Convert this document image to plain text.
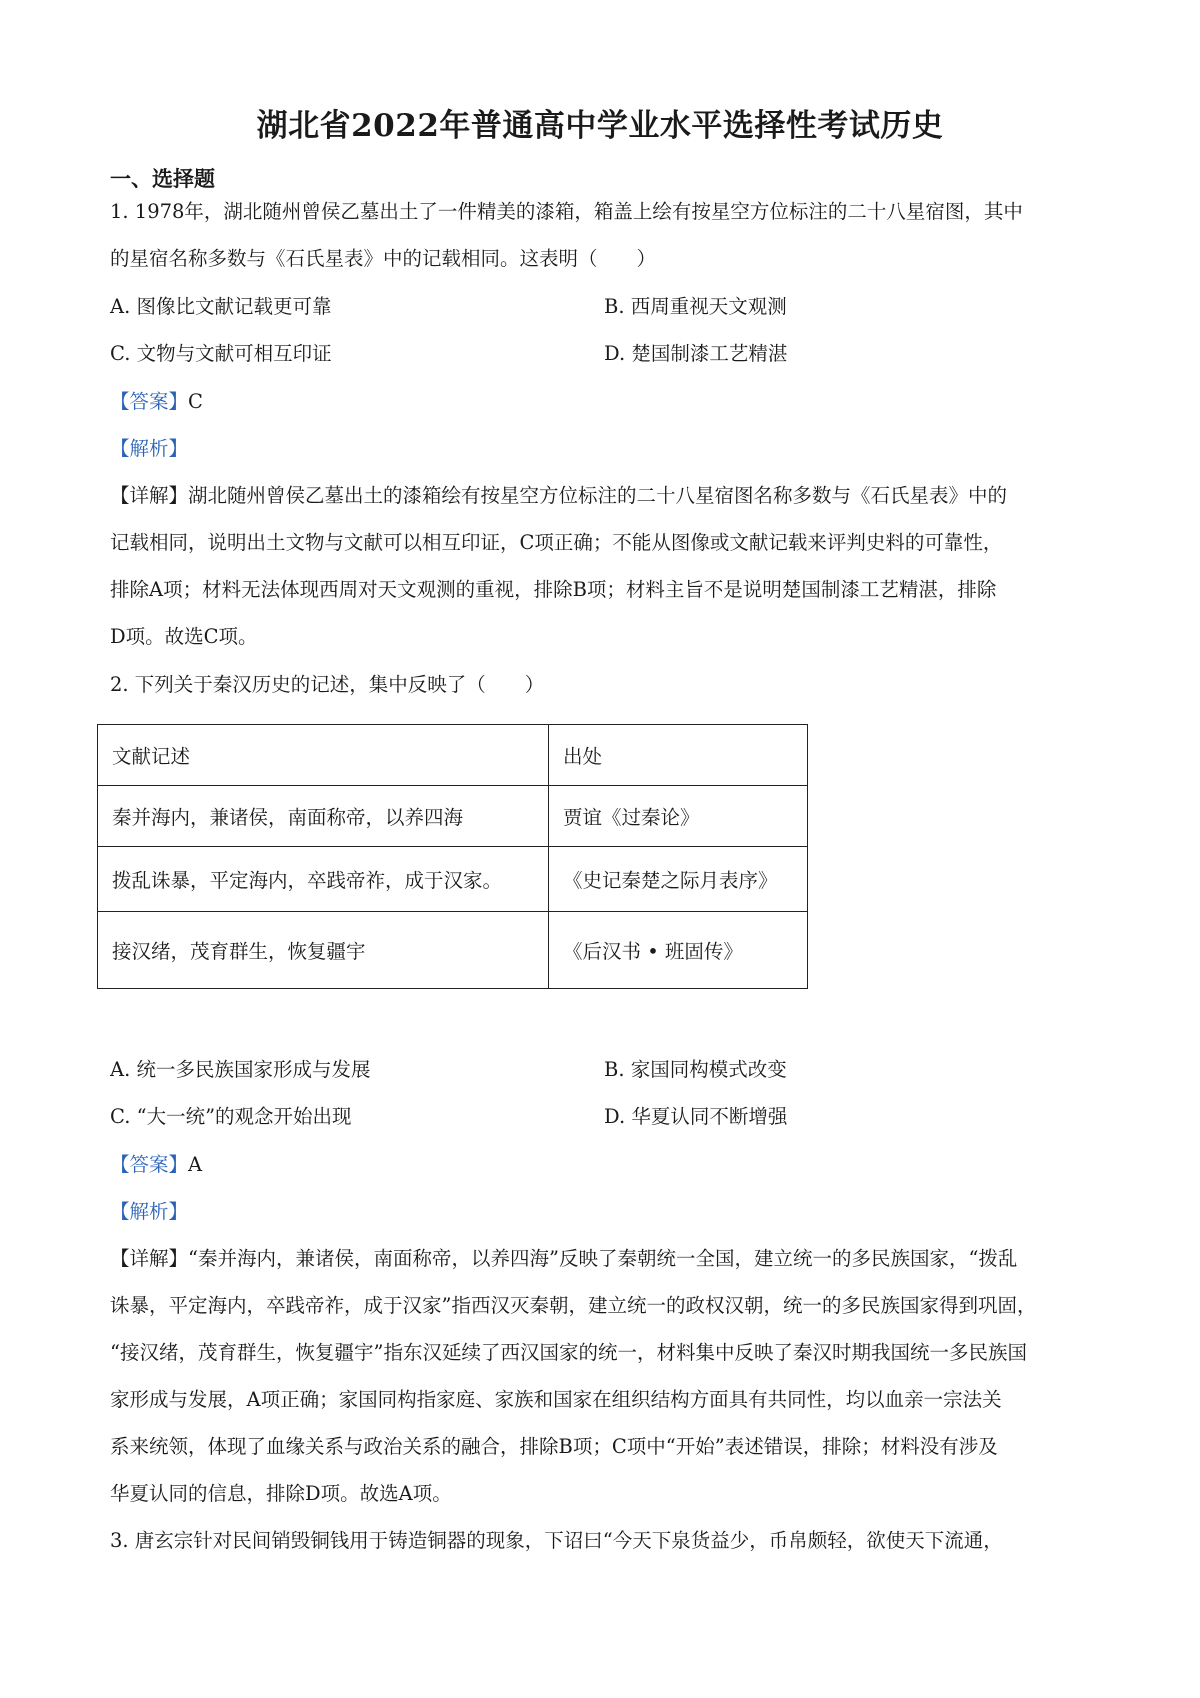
湖北省2022年普通高中学业水平选择性考试历史
一、选择题
1. 1978年，湖北随州曾侯乙墓出土了一件精美的漆箱，箱盖上绘有按星空方位标注的二十八星宿图，其中
的星宿名称多数与《石氏星表》中的记载相同。这表明（　　）
A. 图像比文献记载更可靠	B. 西周重视天文观测
C. 文物与文献可相互印证	D. 楚国制漆工艺精湛
【答案】C
【解析】
【详解】湖北随州曾侯乙墓出土的漆箱绘有按星空方位标注的二十八星宿图名称多数与《石氏星表》中的
记载相同，说明出土文物与文献可以相互印证，C项正确；不能从图像或文献记载来评判史料的可靠性，
排除A项；材料无法体现西周对天文观测的重视，排除B项；材料主旨不是说明楚国制漆工艺精湛，排除
D项。故选C项。
2. 下列关于秦汉历史的记述，集中反映了（　　）
文献记述	出处
秦并海内，兼诸侯，南面称帝，以养四海	贾谊《过秦论》
拨乱诛暴，平定海内，卒践帝祚，成于汉家。	《史记秦楚之际月表序》
接汉绪，茂育群生，恢复疆宇	《后汉书 • 班固传》
A. 统一多民族国家形成与发展	B. 家国同构模式改变
C. “大一统”的观念开始出现	D. 华夏认同不断增强
【答案】A
【解析】
【详解】“秦并海内，兼诸侯，南面称帝，以养四海”反映了秦朝统一全国，建立统一的多民族国家，“拨乱
诛暴，平定海内，卒践帝祚，成于汉家”指西汉灭秦朝，建立统一的政权汉朝，统一的多民族国家得到巩固，
“接汉绪，茂育群生，恢复疆宇”指东汉延续了西汉国家的统一，材料集中反映了秦汉时期我国统一多民族国
家形成与发展，A项正确；家国同构指家庭、家族和国家在组织结构方面具有共同性，均以血亲一宗法关
系来统领，体现了血缘关系与政治关系的融合，排除B项；C项中“开始”表述错误，排除；材料没有涉及
华夏认同的信息，排除D项。故选A项。
3. 唐玄宗针对民间销毁铜钱用于铸造铜器的现象，下诏曰“今天下泉货益少，币帛颇轻，欲使天下流通，
